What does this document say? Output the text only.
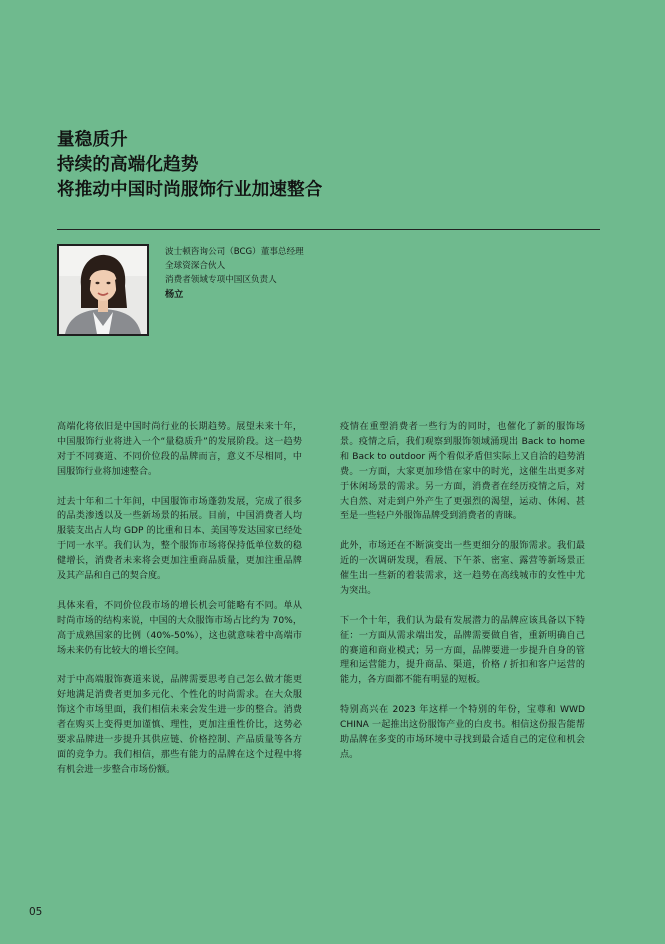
量稳质升
持续的高端化趋势
将推动中国时尚服饰行业加速整合
波士顿咨询公司（BCG）董事总经理
全球资深合伙人
消费者领域专项中国区负责人
杨立

高端化将依旧是中国时尚行业的长期趋势。展望未来十年，中国服饰行业将进入一个“量稳质升”的发展阶段。这一趋势对于不同赛道、不同价位段的品牌而言，意义不尽相同，中国服饰行业将加速整合。

过去十年和二十年间，中国服饰市场蓬勃发展，完成了很多的品类渗透以及一些新场景的拓展。目前，中国消费者人均服装支出占人均 GDP 的比重和日本、美国等发达国家已经处于同一水平。我们认为，整个服饰市场将保持低单位数的稳健增长，消费者未来将会更加注重商品质量，更加注重品牌及其产品和自己的契合度。

具体来看，不同价位段市场的增长机会可能略有不同。单从时尚市场的结构来说，中国的大众服饰市场占比约为 70%，高于成熟国家的比例（40%-50%），这也就意味着中高端市场未来仍有比较大的增长空间。

对于中高端服饰赛道来说，品牌需要思考自己怎么做才能更好地满足消费者更加多元化、个性化的时尚需求。在大众服饰这个市场里面，我们相信未来会发生进一步的整合。消费者在购买上变得更加谨慎、理性，更加注重性价比，这势必要求品牌进一步提升其供应链、价格控制、产品质量等各方面的竞争力。我们相信，那些有能力的品牌在这个过程中将有机会进一步整合市场份额。

疫情在重塑消费者一些行为的同时，也催化了新的服饰场景。疫情之后，我们观察到服饰领域涌现出 Back to home 和 Back to outdoor 两个看似矛盾但实际上又自洽的趋势消费。一方面，大家更加珍惜在家中的时光，这催生出更多对于休闲场景的需求。另一方面，消费者在经历疫情之后，对大自然、对走到户外产生了更强烈的渴望，运动、休闲、甚至是一些轻户外服饰品牌受到消费者的青睐。

此外，市场还在不断演变出一些更细分的服饰需求。我们最近的一次调研发现，看展、下午茶、密室、露营等新场景正催生出一些新的着装需求，这一趋势在高线城市的女性中尤为突出。

下一个十年，我们认为最有发展潜力的品牌应该具备以下特征：一方面从需求端出发，品牌需要做自省，重新明确自己的赛道和商业模式；另一方面，品牌要进一步提升自身的管理和运营能力，提升商品、渠道，价格 / 折扣和客户运营的能力，各方面都不能有明显的短板。

特别高兴在 2023 年这样一个特别的年份，宝尊和 WWD CHINA 一起推出这份服饰产业的白皮书。相信这份报告能帮助品牌在多变的市场环境中寻找到最合适自己的定位和机会点。

05
